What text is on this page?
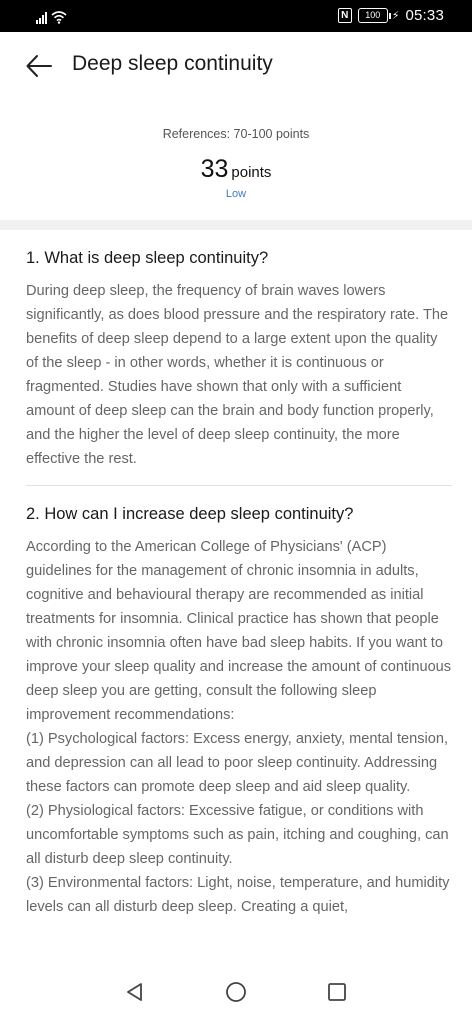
N	100	⚡ 05:33
Deep sleep continuity
References: 70-100 points
33 points
Low
1. What is deep sleep continuity?

During deep sleep, the frequency of brain waves lowers significantly, as does blood pressure and the respiratory rate. The benefits of deep sleep depend to a large extent upon the quality of the sleep - in other words, whether it is continuous or fragmented. Studies have shown that only with a sufficient amount of deep sleep can the brain and body function properly, and the higher the level of deep sleep continuity, the more effective the rest.

2. How can I increase deep sleep continuity?

According to the American College of Physicians' (ACP) guidelines for the management of chronic insomnia in adults, cognitive and behavioural therapy are recommended as initial treatments for insomnia. Clinical practice has shown that people with chronic insomnia often have bad sleep habits. If you want to improve your sleep quality and increase the amount of continuous deep sleep you are getting, consult the following sleep improvement recommendations:

(1) Psychological factors: Excess energy, anxiety, mental tension, and depression can all lead to poor sleep continuity. Addressing these factors can promote deep sleep and aid sleep quality.

(2) Physiological factors: Excessive fatigue, or conditions with uncomfortable symptoms such as pain, itching and coughing, can all disturb deep sleep continuity.

(3) Environmental factors: Light, noise, temperature, and humidity levels can all disturb deep sleep. Creating a quiet,
